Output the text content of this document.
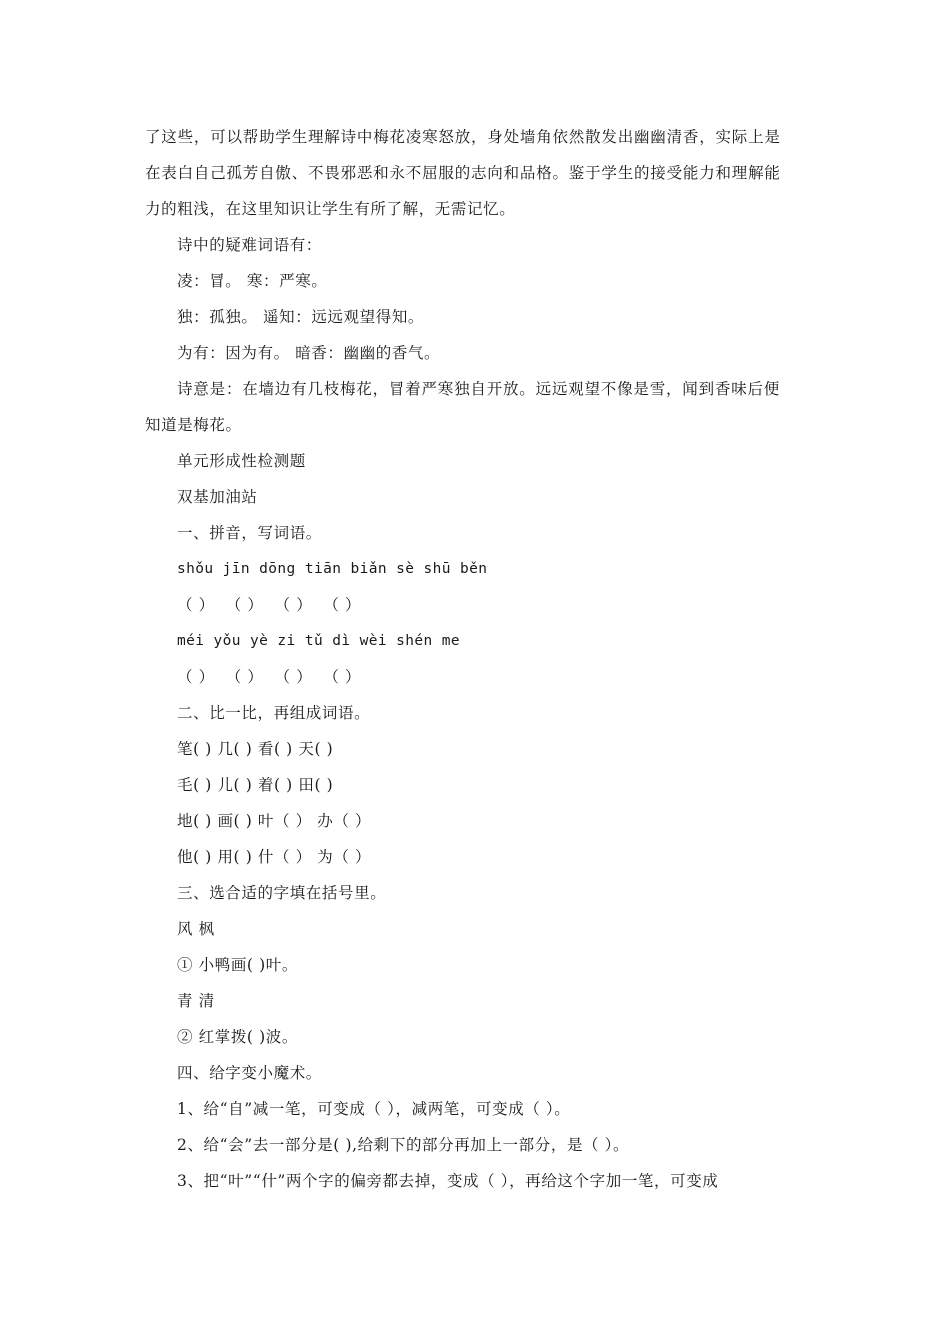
了这些，可以帮助学生理解诗中梅花凌寒怒放，身处墙角依然散发出幽幽清香，实际上是
在表白自己孤芳自傲、不畏邪恶和永不屈服的志向和品格。鉴于学生的接受能力和理解能
力的粗浅，在这里知识让学生有所了解，无需记忆。
诗中的疑难词语有：
凌：冒。 寒：严寒。
独：孤独。 遥知：远远观望得知。
为有：因为有。 暗香：幽幽的香气。
诗意是：在墙边有几枝梅花，冒着严寒独自开放。远远观望不像是雪，闻到香味后便
知道是梅花。
单元形成性检测题
双基加油站
一、拼音，写词语。
shǒu jīn dōng tiān biǎn sè shū běn
（ ）  （ ）  （ ）  （ ）
méi yǒu yè zi tǔ dì wèi shén me
（ ）  （ ）  （ ）  （ ）
二、比一比，再组成词语。
笔( ) 几( ) 看( ) 天( )
毛( ) 儿( ) 着( ) 田( )
地( ) 画( ) 叶（ ） 办（ ）
他( ) 用( ) 什（ ） 为（ ）
三、选合适的字填在括号里。
风 枫
① 小鸭画( )叶。
青 清
② 红掌拨( )波。
四、给字变小魔术。
1、给“自”减一笔，可变成（ ），减两笔，可变成（ ）。
2、给“会”去一部分是( ),给剩下的部分再加上一部分，是（ ）。
3、把“叶”“什”两个字的偏旁都去掉，变成（ ），再给这个字加一笔，可变成
